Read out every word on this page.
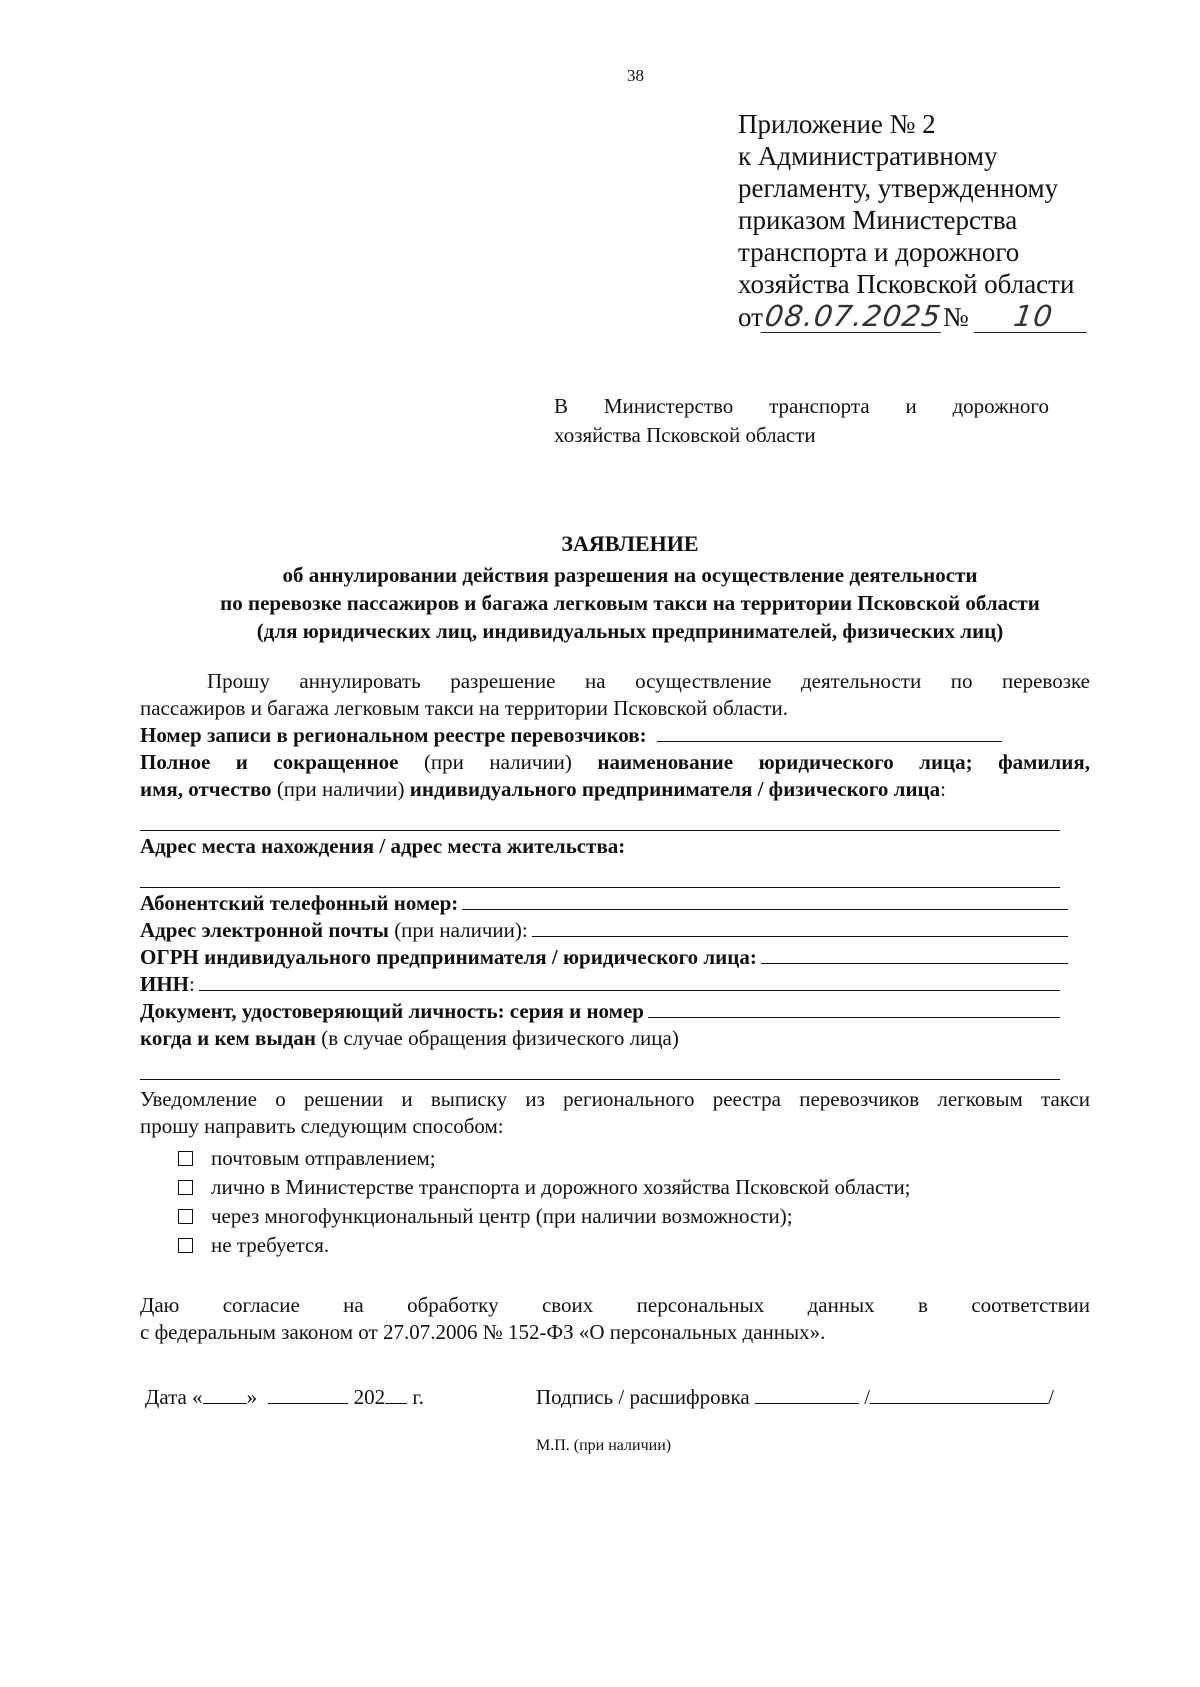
38
Приложение № 2
к Административному
регламенту, утвержденному
приказом Министерства
транспорта и дорожного
хозяйства Псковской области
от08.07.2025№ 10
В Министерство транспорта и дорожного
хозяйства Псковской области
ЗАЯВЛЕНИЕ
об аннулировании действия разрешения на осуществление деятельности
по перевозке пассажиров и багажа легковым такси на территории Псковской области
(для юридических лиц, индивидуальных предпринимателей, физических лиц)

Прошу аннулировать разрешение на осуществление деятельности по перевозке

пассажиров и багажа легковым такси на территории Псковской области.

Номер записи в региональном реестре перевозчиков:

Полное и сокращенное (при наличии) наименование юридического лица; фамилия,

имя, отчество (при наличии) индивидуального предпринимателя / физического лица:

Адрес места нахождения / адрес места жительства:

Абонентский телефонный номер:
Адрес электронной почты
(при наличии):
ОГРН индивидуального предпринимателя / юридического лица:
ИНН :
Документ, удостоверяющий личность: серия и номер

когда и кем выдан (в случае обращения физического лица)

Уведомление о решении и выписку из регионального реестра перевозчиков легковым такси

прошу направить следующим способом:

почтовым отправлением;
лично в Министерстве транспорта и дорожного хозяйства Псковской области;
через многофункциональный центр (при наличии возможности);
не требуется.

Даю согласие на обработку своих персональных данных в соответствии

с федеральным законом от 27.07.2006 № 152-ФЗ «О персональных данных».

Дата « »	202 г.	Подпись / расшифровка	/	/
М.П. (при наличии)
